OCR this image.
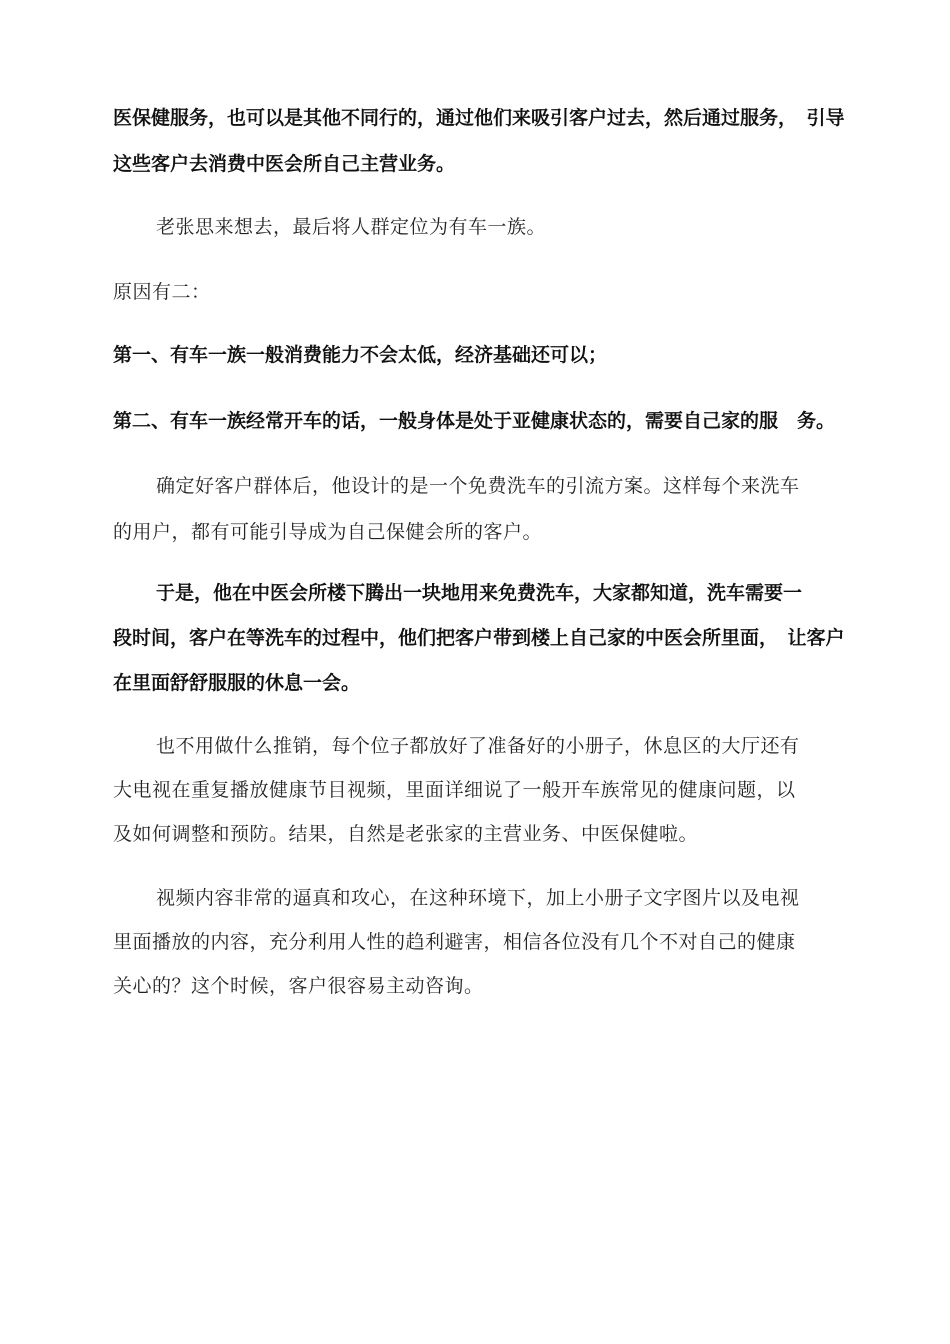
医保健服务，也可以是其他不同行的，通过他们来吸引客户过去，然后通过服务，　引导

这些客户去消费中医会所自己主营业务。

老张思来想去，最后将人群定位为有车一族。

原因有二：

第一、有车一族一般消费能力不会太低，经济基础还可以；

第二、有车一族经常开车的话，一般身体是处于亚健康状态的，需要自己家的服　务。

确定好客户群体后，他设计的是一个免费洗车的引流方案。这样每个来洗车

的用户，都有可能引导成为自己保健会所的客户。

于是，他在中医会所楼下腾出一块地用来免费洗车，大家都知道，洗车需要一

段时间，客户在等洗车的过程中，他们把客户带到楼上自己家的中医会所里面，　让客户

在里面舒舒服服的休息一会。

也不用做什么推销，每个位子都放好了准备好的小册子，休息区的大厅还有

大电视在重复播放健康节目视频，里面详细说了一般开车族常见的健康问题，以

及如何调整和预防。结果，自然是老张家的主营业务、中医保健啦。

视频内容非常的逼真和攻心，在这种环境下，加上小册子文字图片以及电视

里面播放的内容，充分利用人性的趋利避害，相信各位没有几个不对自己的健康

关心的？这个时候，客户很容易主动咨询。
